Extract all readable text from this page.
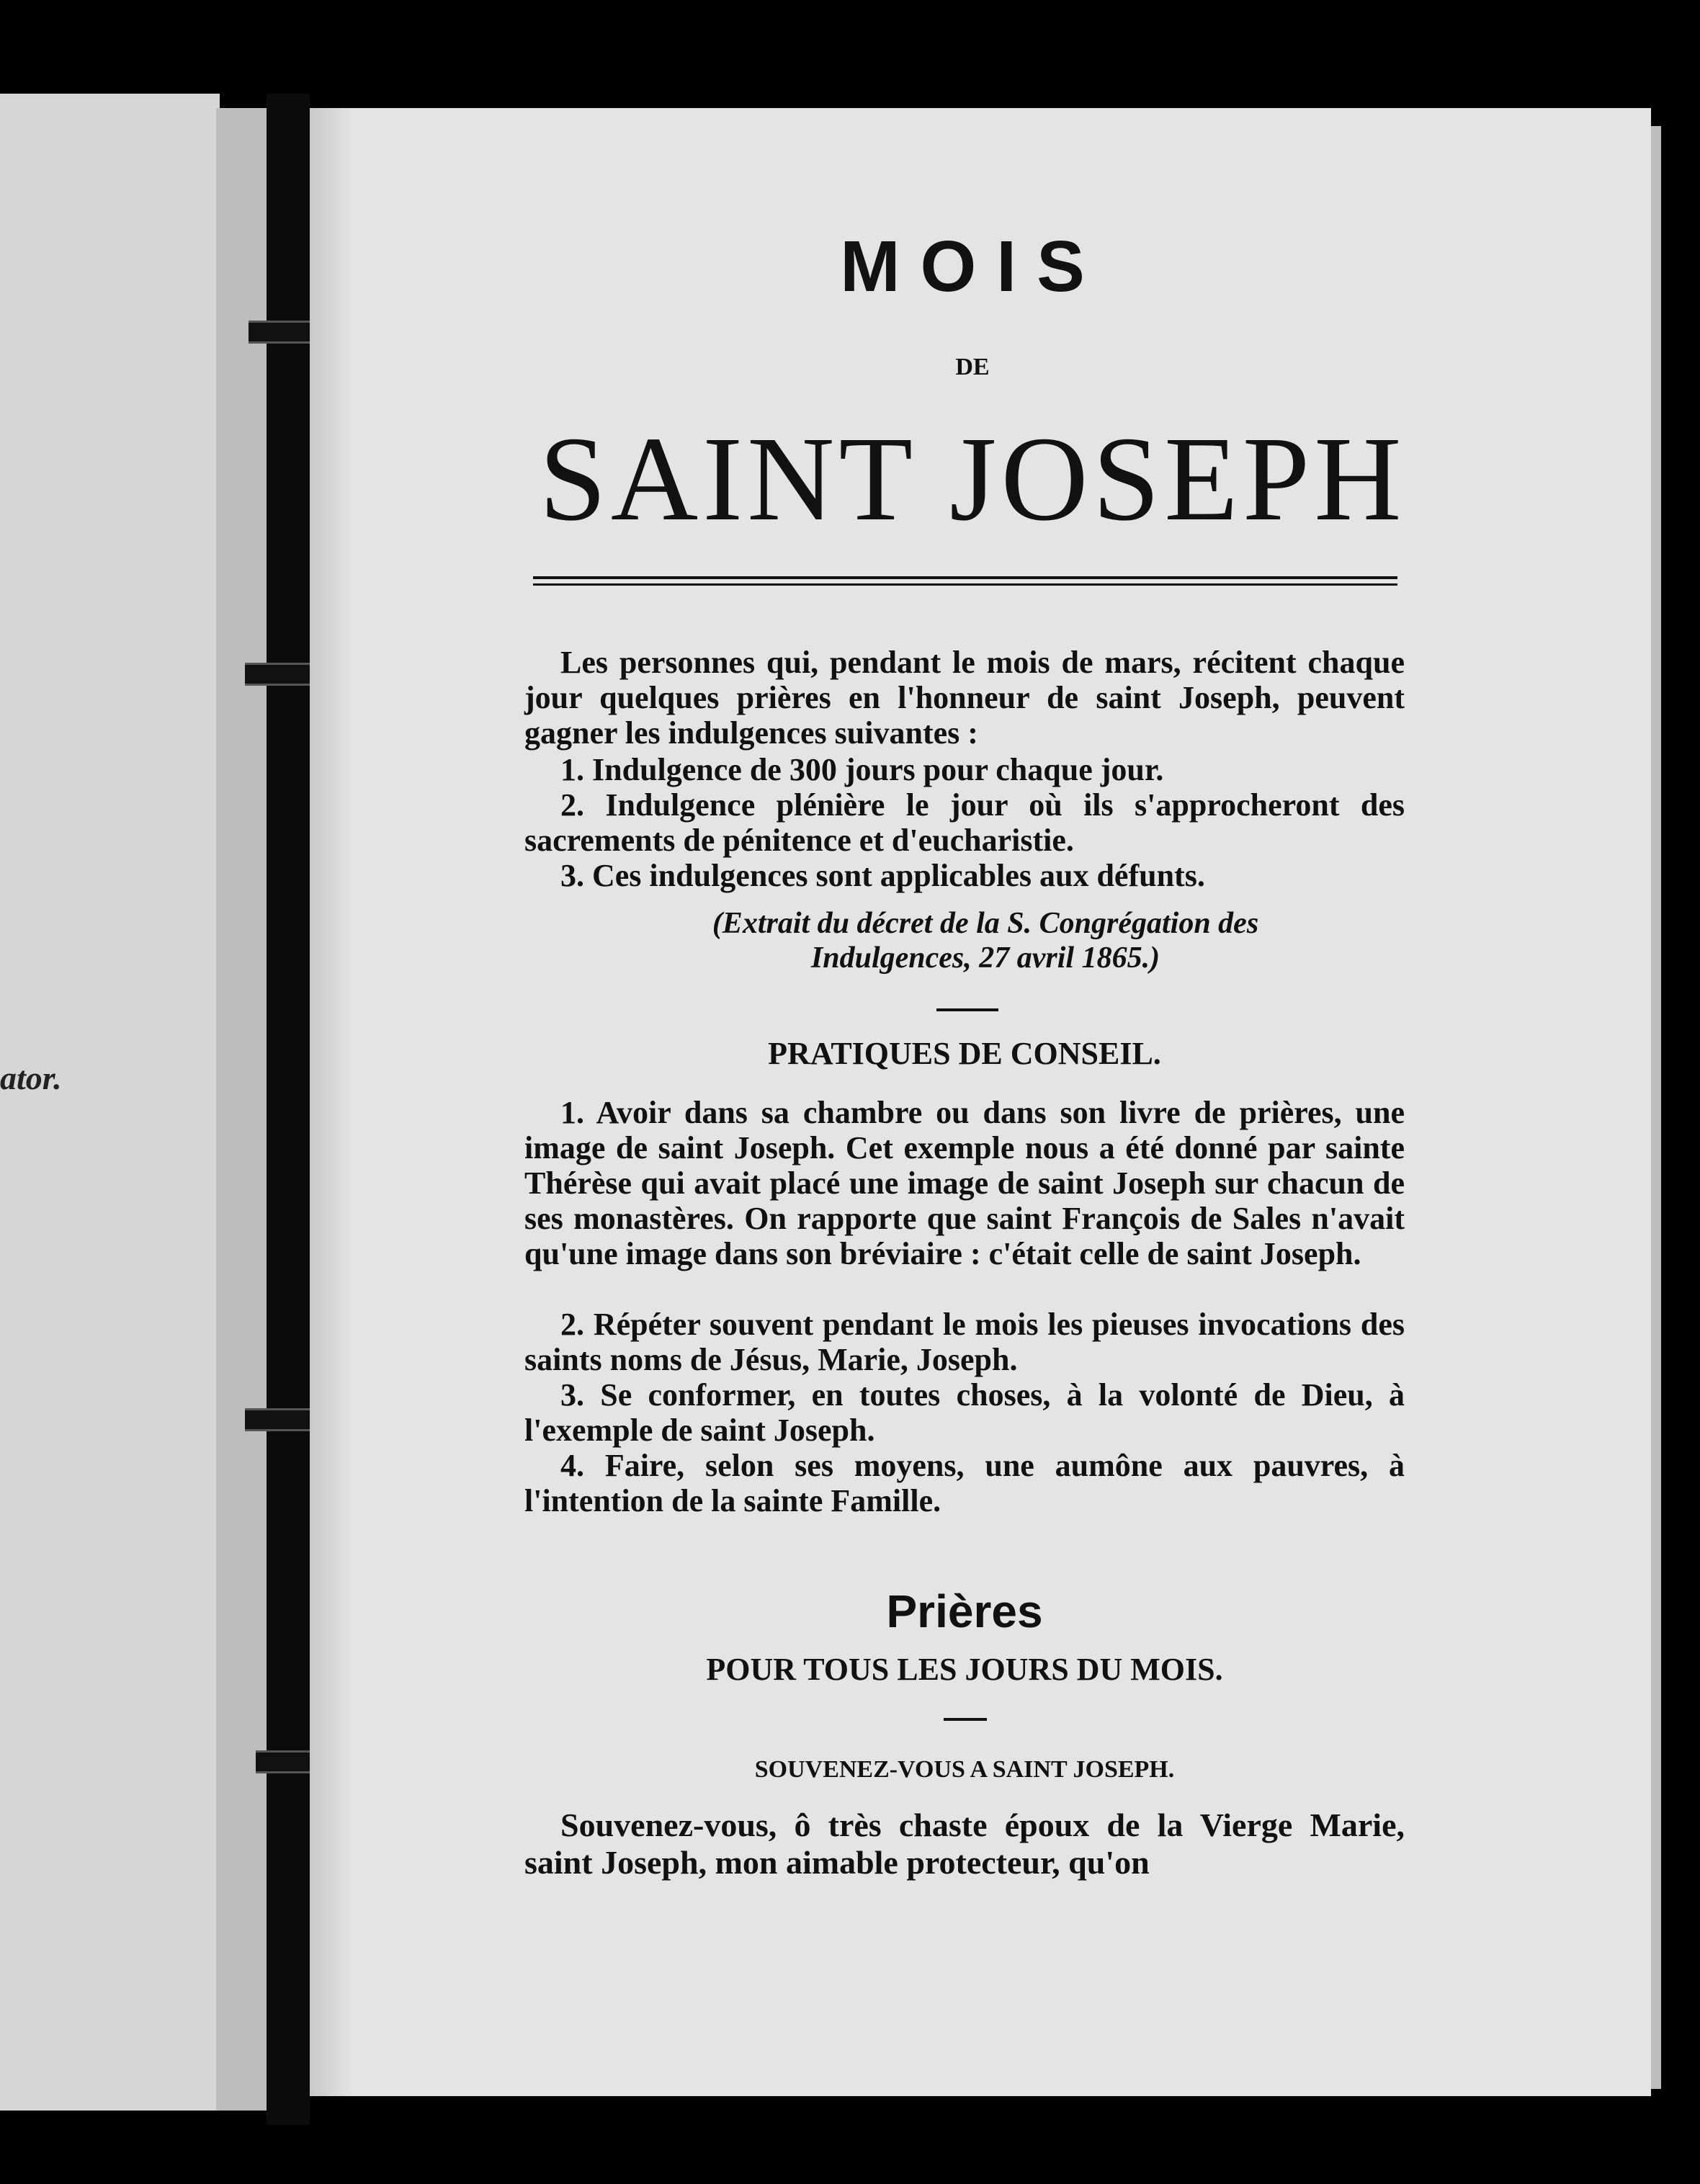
ator.
MOIS
DE
SAINT JOSEPH
Les personnes qui, pendant le mois de mars, récitent chaque jour quelques prières en l'honneur de saint Joseph, peuvent gagner les indulgences suivantes :
1. Indulgence de 300 jours pour chaque jour.
2. Indulgence plénière le jour où ils s'approcheront des sacrements de pénitence et d'eucharistie.
3. Ces indulgences sont applicables aux défunts.
(Extrait du décret de la S. Congrégation des
Indulgences, 27 avril 1865.)
PRATIQUES DE CONSEIL.
1. Avoir dans sa chambre ou dans son livre de prières, une image de saint Joseph. Cet exemple nous a été donné par sainte Thérèse qui avait placé une image de saint Joseph sur chacun de ses monastères. On rapporte que saint François de Sales n'avait qu'une image dans son bréviaire : c'était celle de saint Joseph.
2. Répéter souvent pendant le mois les pieuses invocations des saints noms de Jésus, Marie, Joseph.
3. Se conformer, en toutes choses, à la volonté de Dieu, à l'exemple de saint Joseph.
4. Faire, selon ses moyens, une aumône aux pauvres, à l'intention de la sainte Famille.
Prières
POUR TOUS LES JOURS DU MOIS.
SOUVENEZ-VOUS A SAINT JOSEPH.
Souvenez-vous, ô très chaste époux de la Vierge Marie, saint Joseph, mon aimable protecteur, qu'on
